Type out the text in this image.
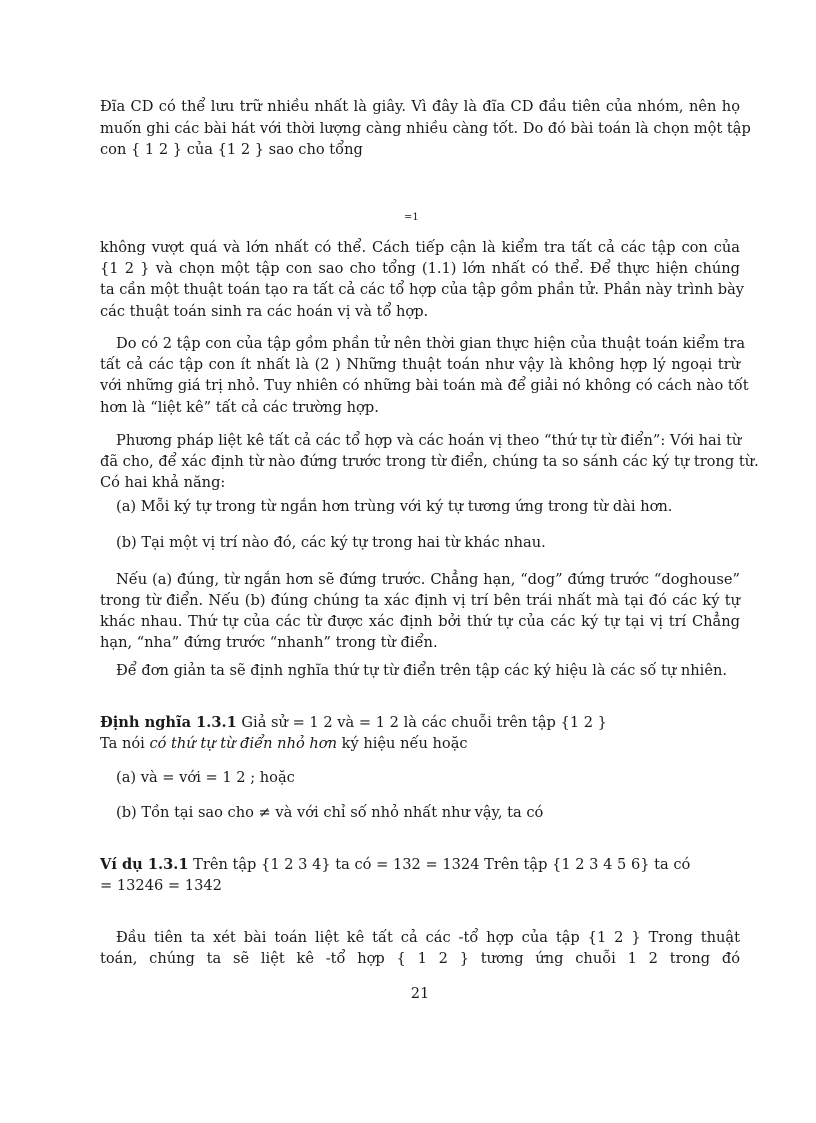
Đĩa CD có thể lưu trữ nhiều nhất là giây. Vì đây là đĩa CD đầu tiên của nhóm, nên họ
muốn ghi các bài hát với thời lượng càng nhiều càng tốt. Do đó bài toán là chọn một tập
con { 1 2 } của {1 2 } sao cho tổng
=1
không vượt quá và lớn nhất có thể. Cách tiếp cận là kiểm tra tất cả các tập con của
{1 2 } và chọn một tập con sao cho tổng (1.1) lớn nhất có thể. Để thực hiện chúng
ta cần một thuật toán tạo ra tất cả các tổ hợp của tập gồm phần tử. Phần này trình bày
các thuật toán sinh ra các hoán vị và tổ hợp.
Do có 2 tập con của tập gồm phần tử nên thời gian thực hiện của thuật toán kiểm tra
tất cả các tập con ít nhất là (2 ) Những thuật toán như vậy là không hợp lý ngoại trừ
với những giá trị nhỏ. Tuy nhiên có những bài toán mà để giải nó không có cách nào tốt
hơn là “liệt kê” tất cả các trường hợp.
Phương pháp liệt kê tất cả các tổ hợp và các hoán vị theo “thứ tự từ điển”: Với hai từ
đã cho, để xác định từ nào đứng trước trong từ điển, chúng ta so sánh các ký tự trong từ.
Có hai khả năng:
(a) Mỗi ký tự trong từ ngắn hơn trùng với ký tự tương ứng trong từ dài hơn.
(b) Tại một vị trí nào đó, các ký tự trong hai từ khác nhau.
Nếu (a) đúng, từ ngắn hơn sẽ đứng trước. Chẳng hạn, “dog” đứng trước “doghouse”
trong từ điển. Nếu (b) đúng chúng ta xác định vị trí bên trái nhất mà tại đó các ký tự
khác nhau. Thứ tự của các từ được xác định bởi thứ tự của các ký tự tại vị trí Chẳng
hạn, “nha” đứng trước “nhanh” trong từ điển.
Để đơn giản ta sẽ định nghĩa thứ tự từ điển trên tập các ký hiệu là các số tự nhiên.
Định nghĩa 1.3.1 Giả sử = 1 2 và = 1 2 là các chuỗi trên tập {1 2 }
Ta nói có thứ tự từ điển nhỏ hơn ký hiệu nếu hoặc
(a) và = với = 1 2 ; hoặc
(b) Tồn tại sao cho ≠ và với chỉ số nhỏ nhất như vậy, ta có
Ví dụ 1.3.1 Trên tập {1 2 3 4} ta có = 132 = 1324 Trên tập {1 2 3 4 5 6} ta có
= 13246 = 1342
Đầu tiên ta xét bài toán liệt kê tất cả các -tổ hợp của tập {1 2 } Trong thuật
toán, chúng ta sẽ liệt kê -tổ hợp { 1 2 } tương ứng chuỗi 1 2 trong đó
21
